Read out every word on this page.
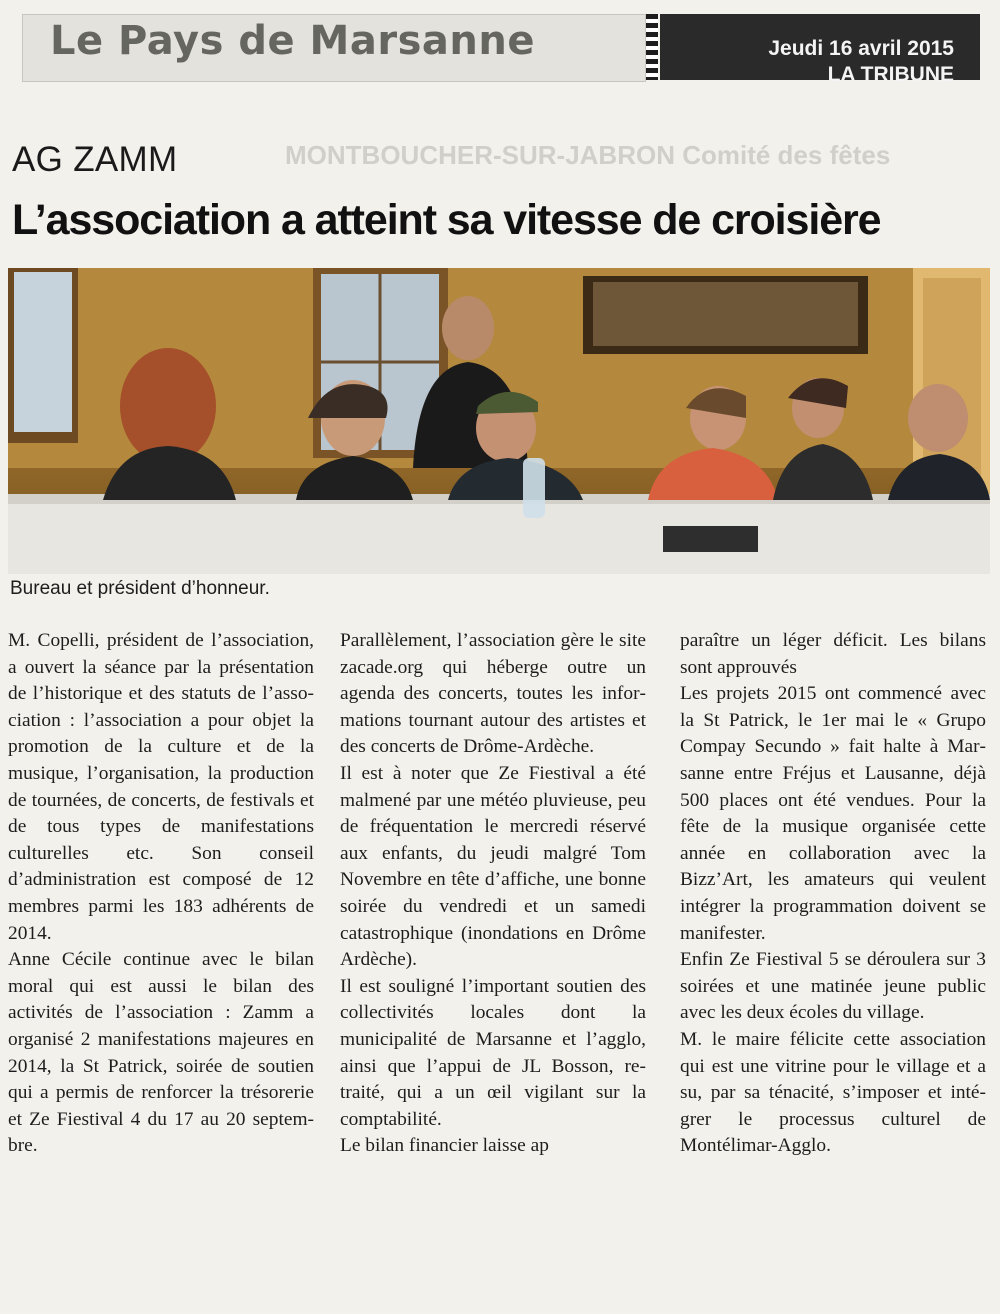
Le Pays de Marsanne	Jeudi 16 avril 2015
LA TRIBUNE
MONTBOUCHER-SUR-JABRON Comité des fêtes
AG ZAMM
L’association a atteint sa vitesse de croisière
Bureau et président d’honneur.

M. Copelli, président de l’association, a ouvert la séance par la présentation de l’historique et des statuts de l’association : l’association a pour objet la promotion de la culture et de la musique, l’organisation, la production de tournées, de concerts, de festivals et de tous types de manifestations culturelles etc. Son conseil d’administration est composé de 12 membres parmi les 183 adhérents de 2014.

Anne Cécile continue avec le bilan moral qui est aussi le bilan des activités de l’association : Zamm a organisé 2 manifestations majeures en 2014, la St Patrick, soirée de soutien qui a permis de renforcer la trésorerie et Ze Fiestival 4 du 17 au 20 septembre.

Parallèlement, l’association gère le site zacade.org qui héberge outre un agenda des concerts, toutes les informations tournant autour des artistes et des concerts de Drôme-Ardèche.

Il est à noter que Ze Fiestival a été malmené par une météo pluvieuse, peu de fréquentation le mercredi réservé aux enfants, du jeudi malgré Tom Novembre en tête d’affiche, une bonne soirée du vendredi et un samedi catastrophique (inondations en Drôme Ardèche).

Il est souligné l’important soutien des collectivités locales dont la municipalité de Marsanne et l’agglo, ainsi que l’appui de JL Bosson, retraité, qui a un œil vigilant sur la comptabilité.

Le bilan financier laisse ap

paraître un léger déficit. Les bilans sont approuvés

Les projets 2015 ont commencé avec la St Patrick, le 1er mai le « Grupo Compay Secundo » fait halte à Marsanne entre Fréjus et Lausanne, déjà 500 places ont été vendues. Pour la fête de la musique organisée cette année en collaboration avec la Bizz’Art, les amateurs qui veulent intégrer la programmation doivent se manifester.

Enfin Ze Fiestival 5 se déroulera sur 3 soirées et une matinée jeune public avec les deux écoles du village.

M. le maire félicite cette association qui est une vitrine pour le village et a su, par sa ténacité, s’imposer et intégrer le processus culturel de Montélimar-Agglo.
